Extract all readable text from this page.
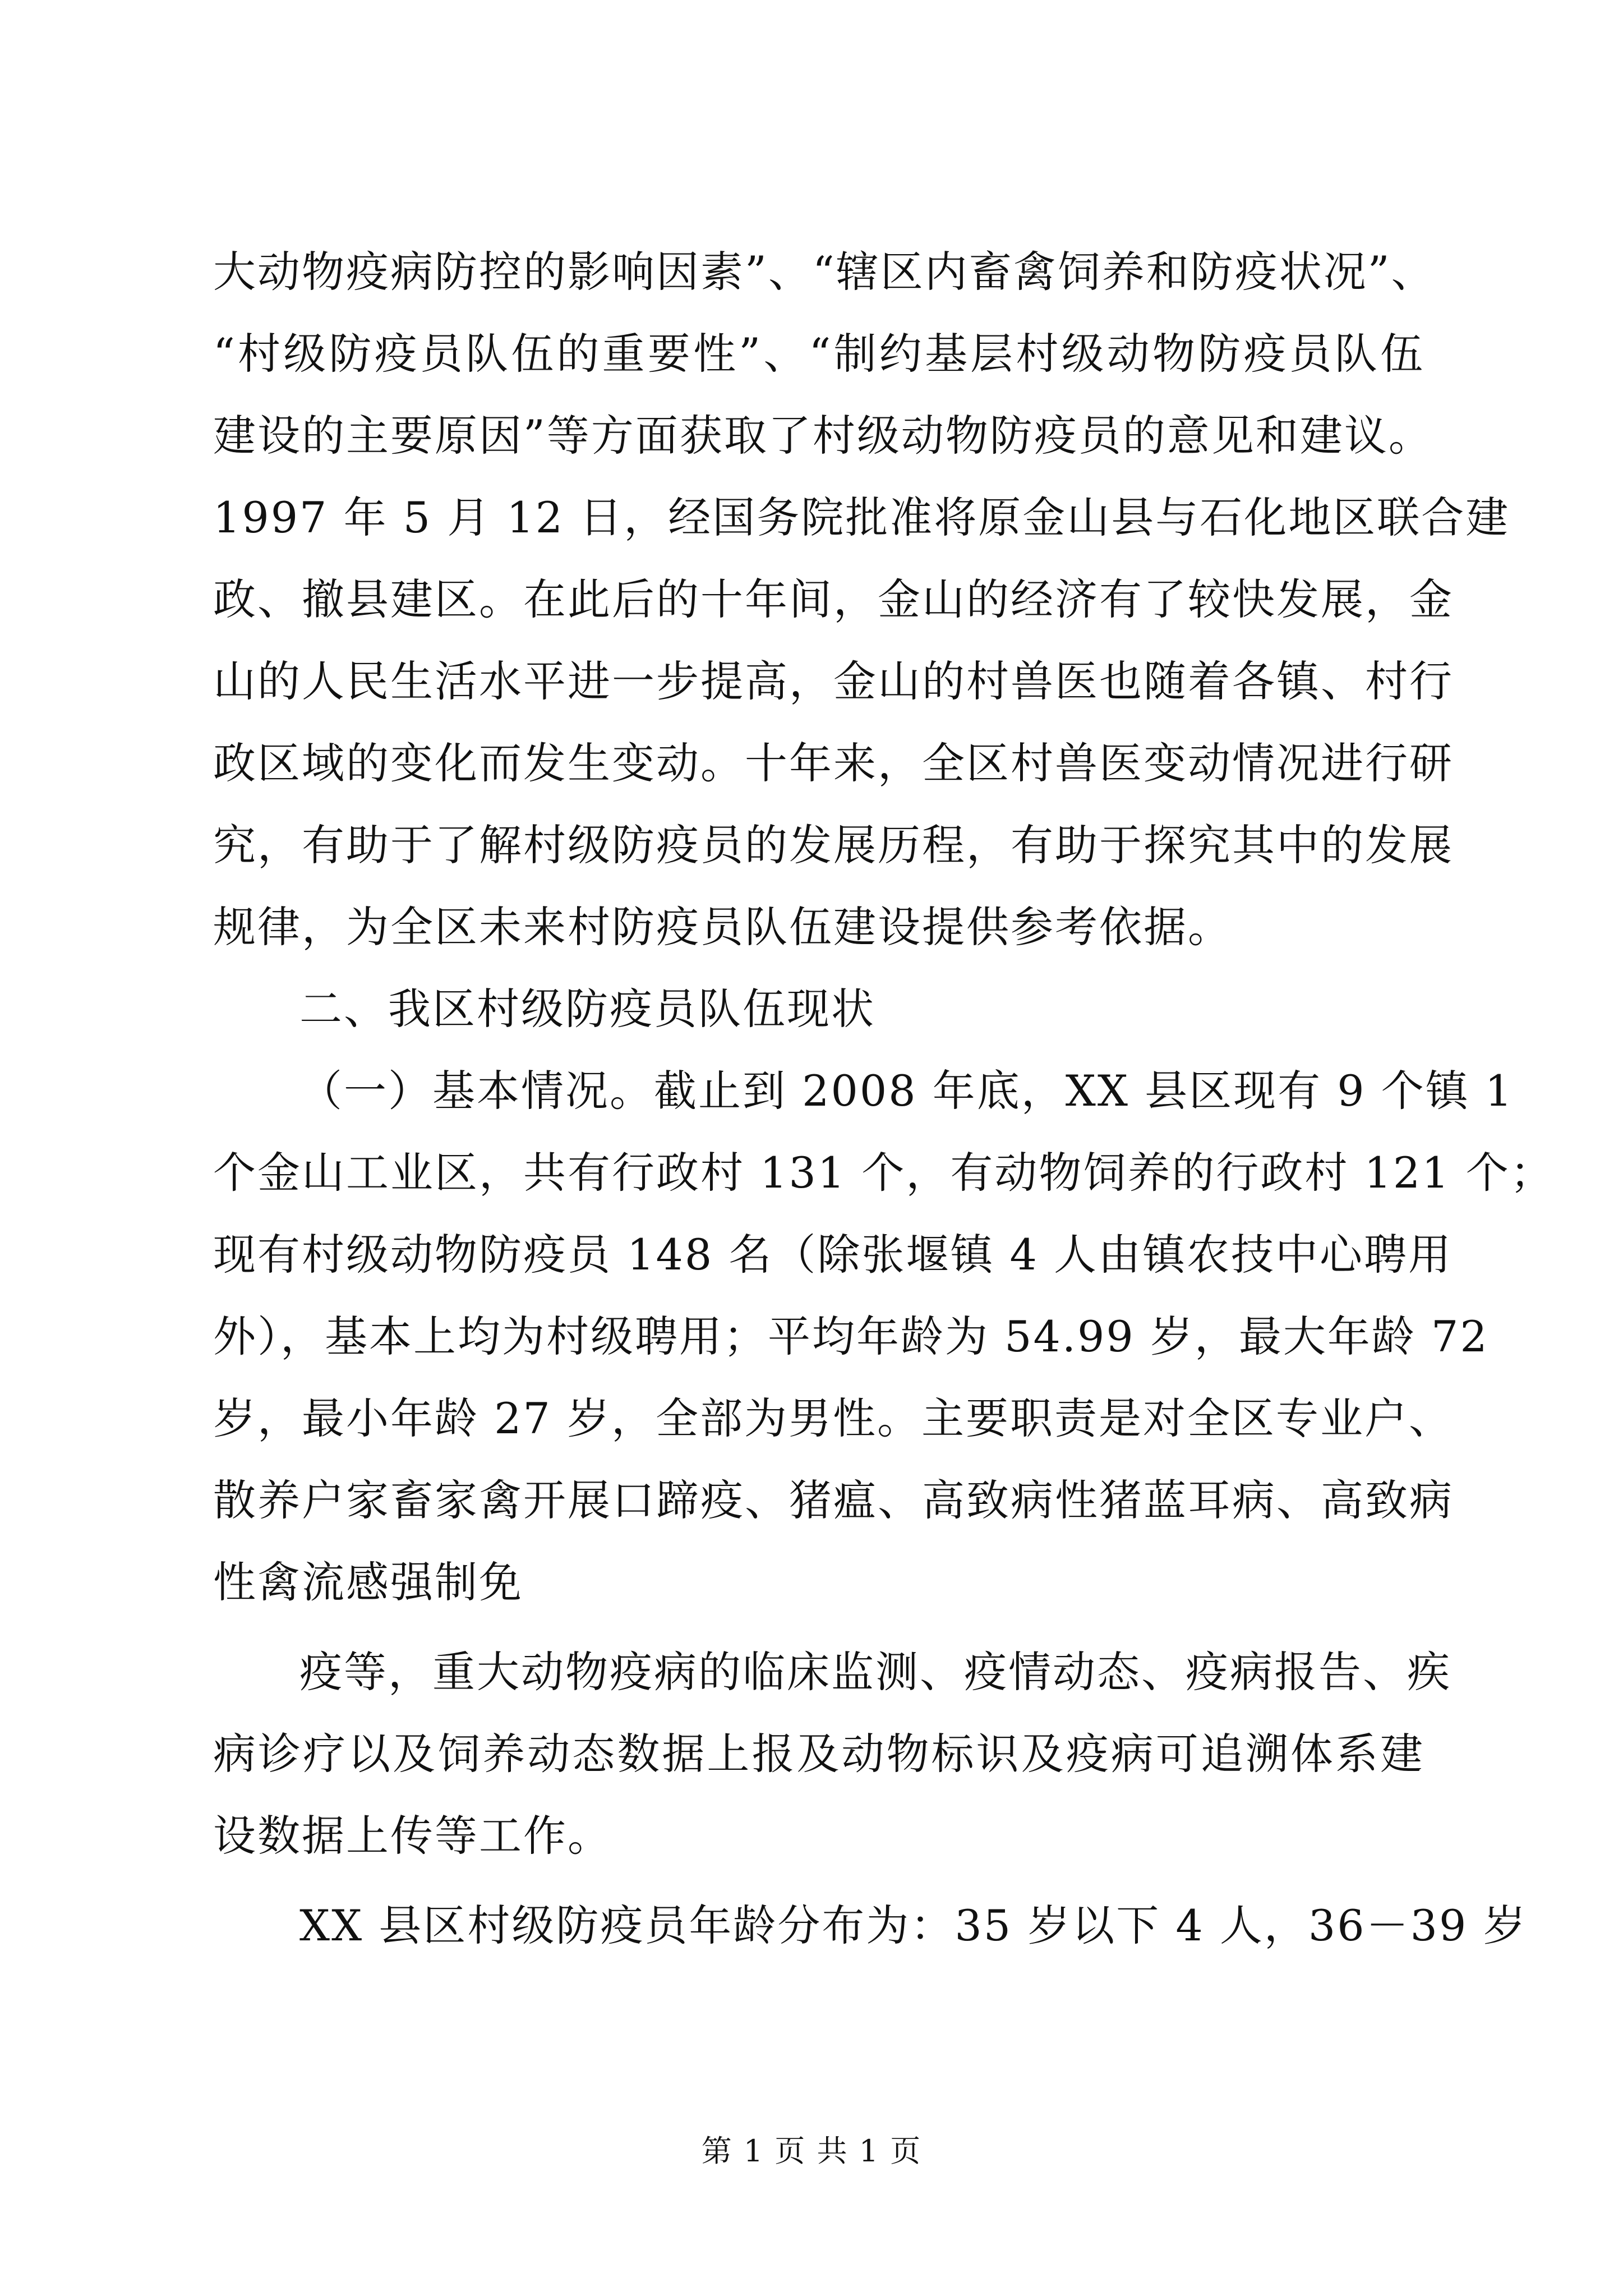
大动物疫病防控的影响因素”、“辖区内畜禽饲养和防疫状况”、
“村级防疫员队伍的重要性”、“制约基层村级动物防疫员队伍
建设的主要原因”等方面获取了村级动物防疫员的意见和建议。
1997 年 5 月 12 日，经国务院批准将原金山县与石化地区联合建
政、撤县建区。在此后的十年间，金山的经济有了较快发展，金
山的人民生活水平进一步提高，金山的村兽医也随着各镇、村行
政区域的变化而发生变动。十年来，全区村兽医变动情况进行研
究，有助于了解村级防疫员的发展历程，有助于探究其中的发展
规律，为全区未来村防疫员队伍建设提供参考依据。
二、我区村级防疫员队伍现状
（一）基本情况。截止到 2008 年底，XX 县区现有 9 个镇 1
个金山工业区，共有行政村 131 个，有动物饲养的行政村 121 个；
现有村级动物防疫员 148 名（除张堰镇 4 人由镇农技中心聘用
外），基本上均为村级聘用；平均年龄为 54.99 岁，最大年龄 72
岁，最小年龄 27 岁，全部为男性。主要职责是对全区专业户、
散养户家畜家禽开展口蹄疫、猪瘟、高致病性猪蓝耳病、高致病
性禽流感强制免
疫等，重大动物疫病的临床监测、疫情动态、疫病报告、疾
病诊疗以及饲养动态数据上报及动物标识及疫病可追溯体系建
设数据上传等工作。
XX 县区村级防疫员年龄分布为：35 岁以下 4 人，36－39 岁
第 1 页 共 1 页
